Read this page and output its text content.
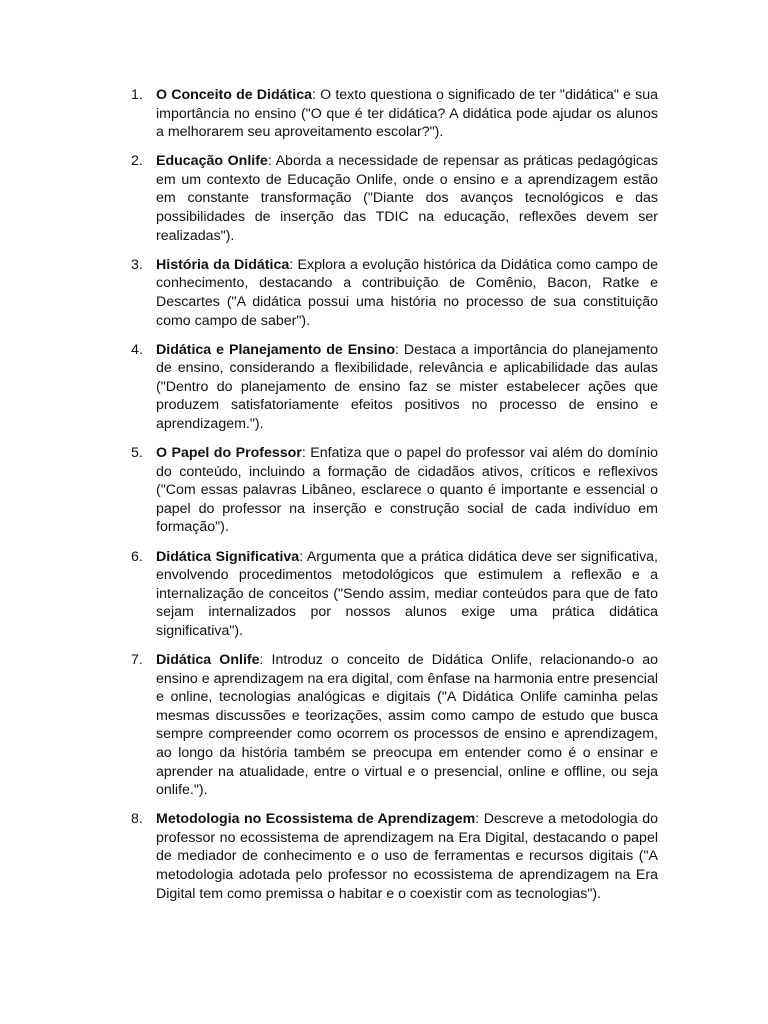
1. O Conceito de Didática: O texto questiona o significado de ter "didática" e sua importância no ensino ("O que é ter didática? A didática pode ajudar os alunos a melhorarem seu aproveitamento escolar?").
2. Educação Onlife: Aborda a necessidade de repensar as práticas pedagógicas em um contexto de Educação Onlife, onde o ensino e a aprendizagem estão em constante transformação ("Diante dos avanços tecnológicos e das possibilidades de inserção das TDIC na educação, reflexões devem ser realizadas").
3. História da Didática: Explora a evolução histórica da Didática como campo de conhecimento, destacando a contribuição de Comênio, Bacon, Ratke e Descartes ("A didática possui uma história no processo de sua constituição como campo de saber").
4. Didática e Planejamento de Ensino: Destaca a importância do planejamento de ensino, considerando a flexibilidade, relevância e aplicabilidade das aulas ("Dentro do planejamento de ensino faz se mister estabelecer ações que produzem satisfatoriamente efeitos positivos no processo de ensino e aprendizagem.").
5. O Papel do Professor: Enfatiza que o papel do professor vai além do domínio do conteúdo, incluindo a formação de cidadãos ativos, críticos e reflexivos ("Com essas palavras Libâneo, esclarece o quanto é importante e essencial o papel do professor na inserção e construção social de cada indivíduo em formação").
6. Didática Significativa: Argumenta que a prática didática deve ser significativa, envolvendo procedimentos metodológicos que estimulem a reflexão e a internalização de conceitos ("Sendo assim, mediar conteúdos para que de fato sejam internalizados por nossos alunos exige uma prática didática significativa").
7. Didática Onlife: Introduz o conceito de Didática Onlife, relacionando-o ao ensino e aprendizagem na era digital, com ênfase na harmonia entre presencial e online, tecnologias analógicas e digitais ("A Didática Onlife caminha pelas mesmas discussões e teorizações, assim como campo de estudo que busca sempre compreender como ocorrem os processos de ensino e aprendizagem, ao longo da história também se preocupa em entender como é o ensinar e aprender na atualidade, entre o virtual e o presencial, online e offline, ou seja onlife.").
8. Metodologia no Ecossistema de Aprendizagem: Descreve a metodologia do professor no ecossistema de aprendizagem na Era Digital, destacando o papel de mediador de conhecimento e o uso de ferramentas e recursos digitais ("A metodologia adotada pelo professor no ecossistema de aprendizagem na Era Digital tem como premissa o habitar e o coexistir com as tecnologias").
